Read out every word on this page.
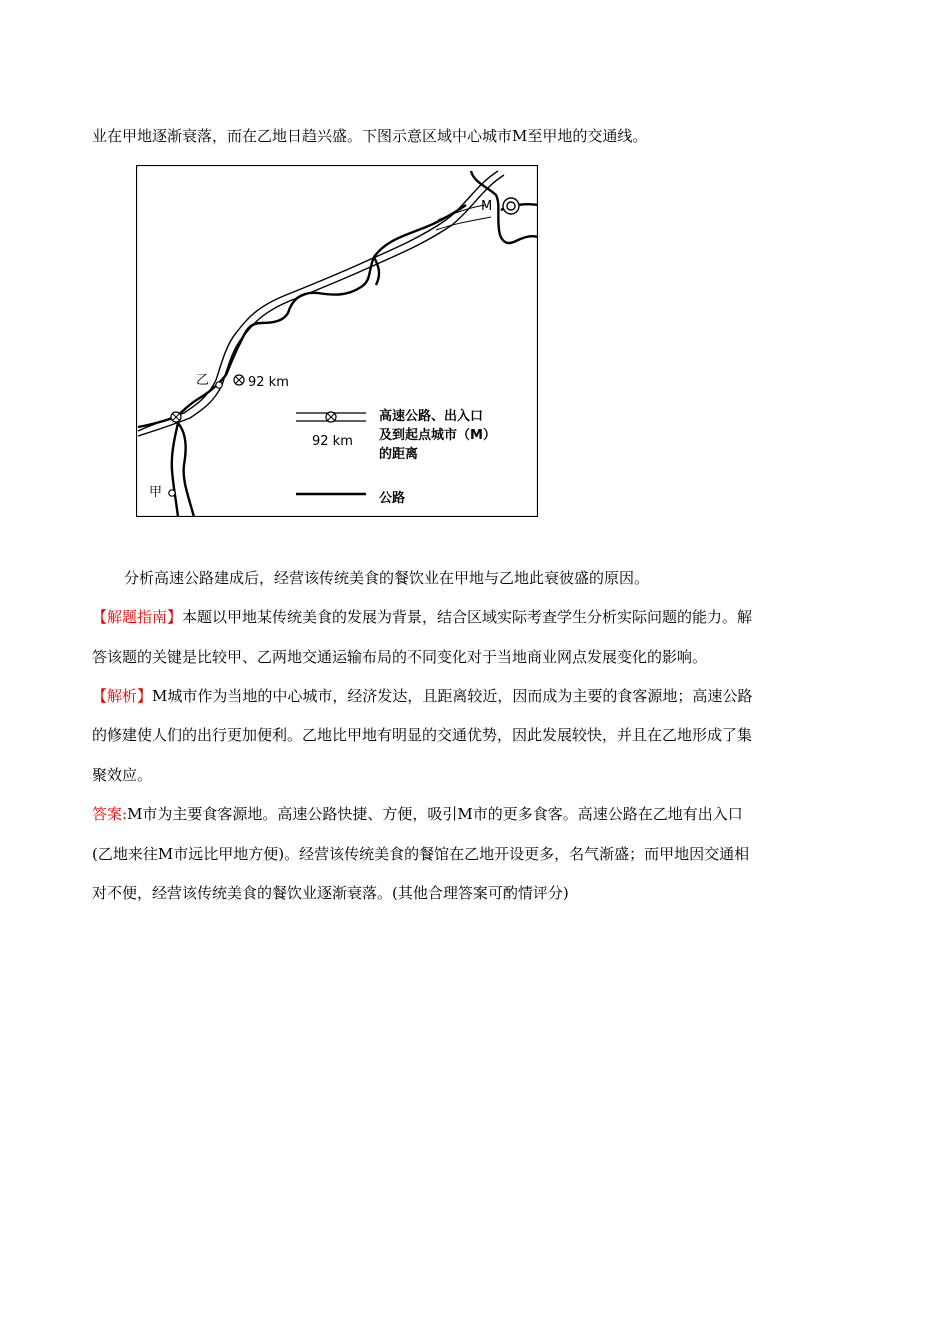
业在甲地逐渐衰落，而在乙地日趋兴盛。下图示意区域中心城市M至甲地的交通线。
M
乙	92 km
甲
92 km
高速公路、出入口
及到起点城市（M）
的距离
公路
分析高速公路建成后，经营该传统美食的餐饮业在甲地与乙地此衰彼盛的原因。
【解题指南】本题以甲地某传统美食的发展为背景，结合区域实际考查学生分析实际问题的能力。解
答该题的关键是比较甲、乙两地交通运输布局的不同变化对于当地商业网点发展变化的影响。
【解析】M城市作为当地的中心城市，经济发达，且距离较近，因而成为主要的食客源地；高速公路
的修建使人们的出行更加便利。乙地比甲地有明显的交通优势，因此发展较快，并且在乙地形成了集
聚效应。
答案:M市为主要食客源地。高速公路快捷、方便，吸引M市的更多食客。高速公路在乙地有出入口
(乙地来往M市远比甲地方便)。经营该传统美食的餐馆在乙地开设更多，名气渐盛；而甲地因交通相
对不便，经营该传统美食的餐饮业逐渐衰落。(其他合理答案可酌情评分)
